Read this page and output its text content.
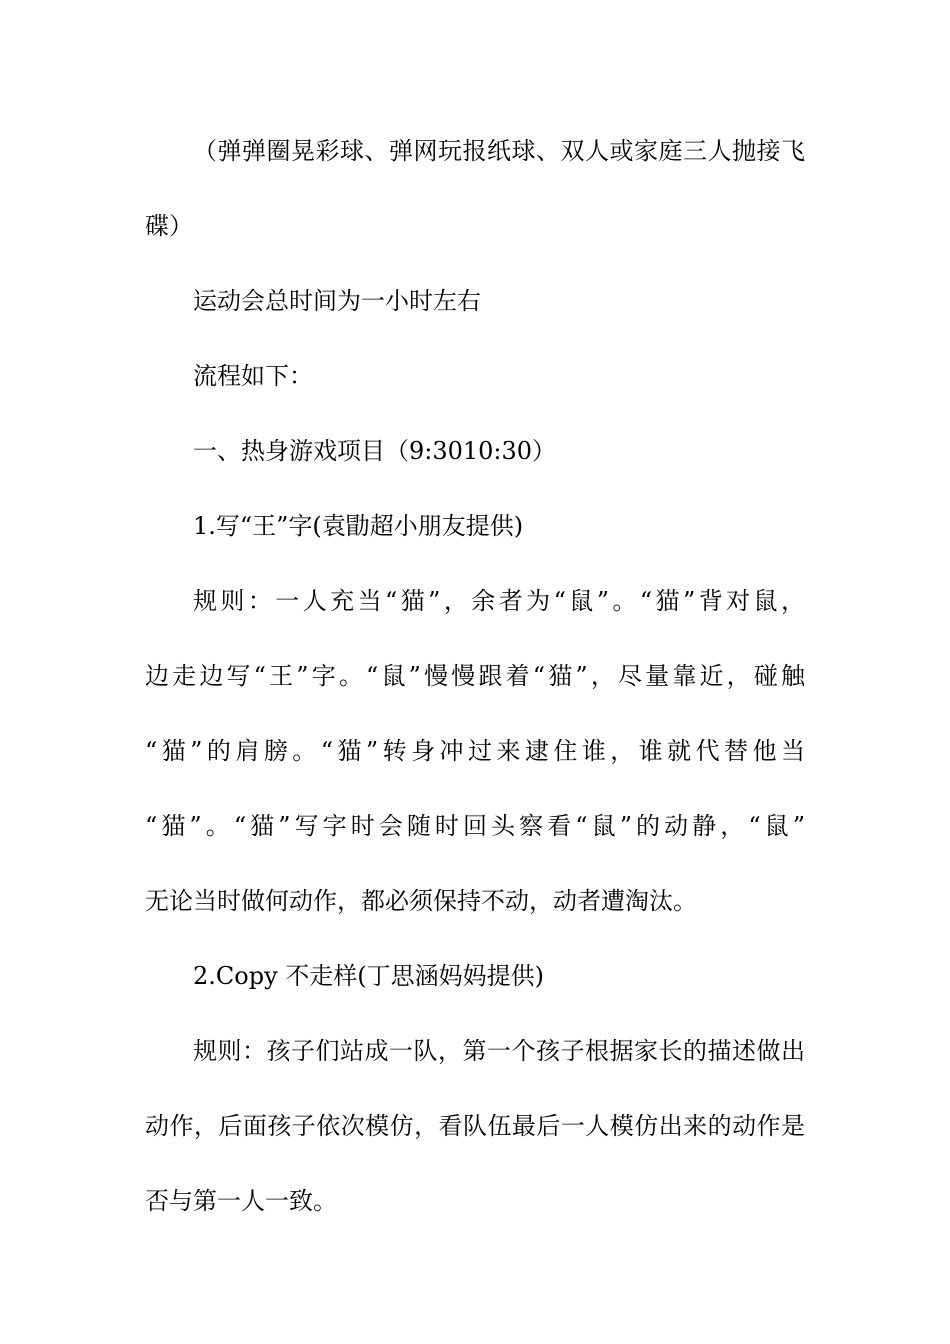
（弹弹圈晃彩球、弹网玩报纸球、双人或家庭三人抛接飞
碟）
运动会总时间为一小时左右
流程如下：
一、热身游戏项目（9:3010:30）
1.写“王”字(袁勖超小朋友提供)
规则：一人充当“猫”，余者为“鼠”。“猫”背对鼠，
边走边写“王”字。“鼠”慢慢跟着“猫”，尽量靠近，碰触
“猫”的肩膀。“猫”转身冲过来逮住谁，谁就代替他当
“猫”。“猫”写字时会随时回头察看“鼠”的动静，“鼠”
无论当时做何动作，都必须保持不动，动者遭淘汰。
2.Copy 不走样(丁思涵妈妈提供)
规则：孩子们站成一队，第一个孩子根据家长的描述做出
动作，后面孩子依次模仿，看队伍最后一人模仿出来的动作是
否与第一人一致。
